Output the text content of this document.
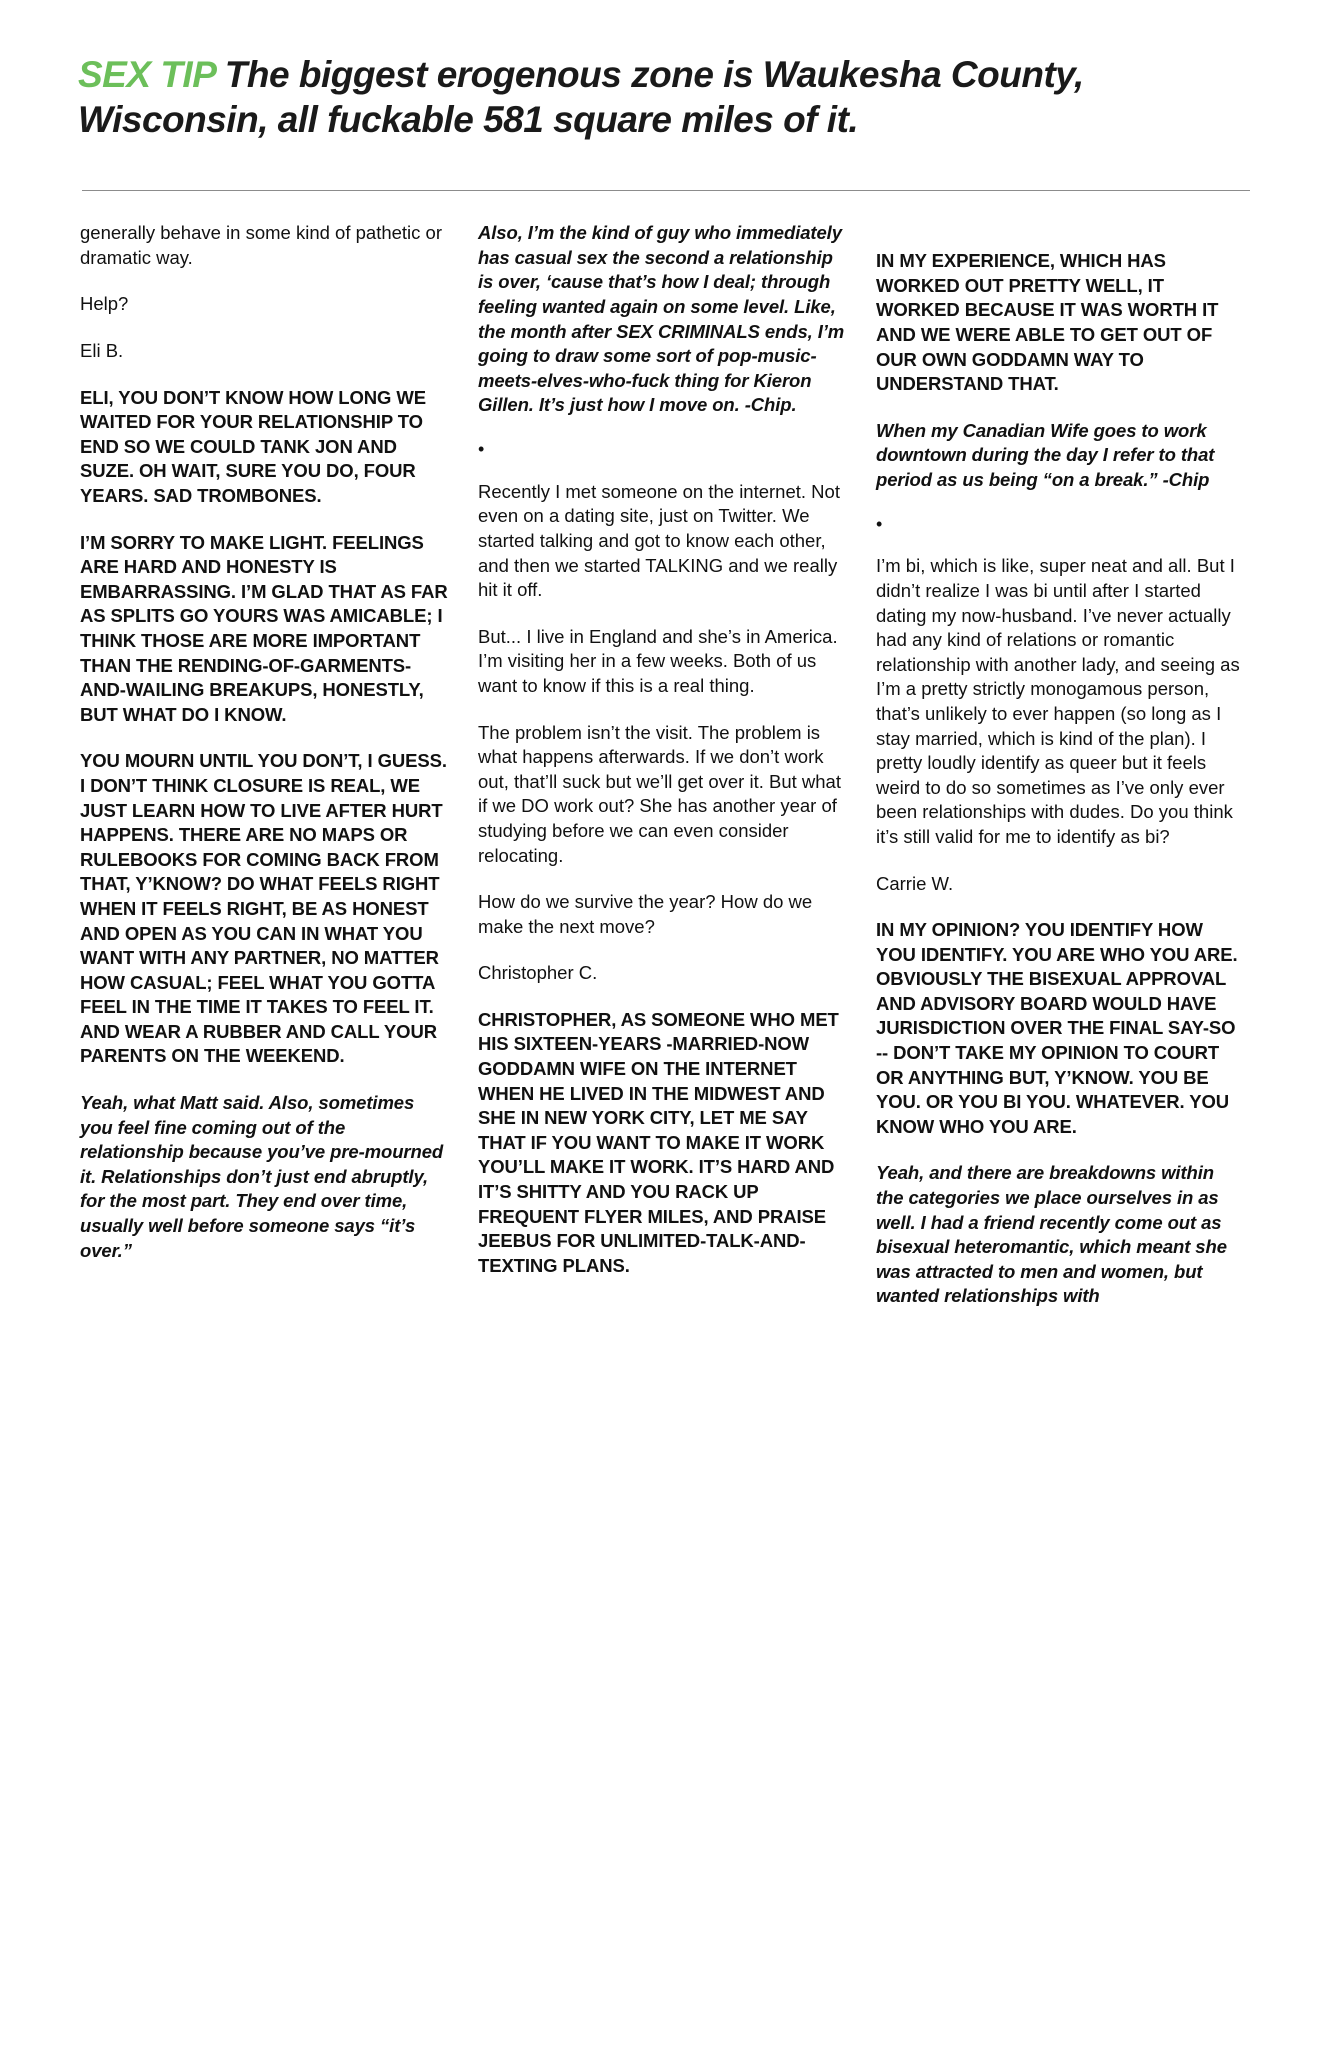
SEX TIP The biggest erogenous zone is Waukesha County, Wisconsin, all fuckable 581 square miles of it.

generally behave in some kind of pathetic or dramatic way.

Help?

Eli B.

ELI, YOU DON’T KNOW HOW LONG WE WAITED FOR YOUR RELATIONSHIP TO END SO WE COULD TANK JON AND SUZE. OH WAIT, SURE YOU DO, FOUR YEARS. SAD TROMBONES.

I’M SORRY TO MAKE LIGHT. FEELINGS ARE HARD AND HONESTY IS EMBARRASSING. I’M GLAD THAT AS FAR AS SPLITS GO YOURS WAS AMICABLE; I THINK THOSE ARE MORE IMPORTANT THAN THE RENDING-OF-GARMENTS-AND-WAILING BREAKUPS, HONESTLY, BUT WHAT DO I KNOW.

YOU MOURN UNTIL YOU DON’T, I GUESS. I DON’T THINK CLOSURE IS REAL, WE JUST LEARN HOW TO LIVE AFTER HURT HAPPENS. THERE ARE NO MAPS OR RULEBOOKS FOR COMING BACK FROM THAT, Y’KNOW? DO WHAT FEELS RIGHT WHEN IT FEELS RIGHT, BE AS HONEST AND OPEN AS YOU CAN IN WHAT YOU WANT WITH ANY PARTNER, NO MATTER HOW CASUAL; FEEL WHAT YOU GOTTA FEEL IN THE TIME IT TAKES TO FEEL IT. AND WEAR A RUBBER AND CALL YOUR PARENTS ON THE WEEKEND.

Yeah, what Matt said. Also, sometimes you feel fine coming out of the relationship because you’ve pre-mourned it. Relationships don’t just end abruptly, for the most part. They end over time, usually well before someone says “it’s over.”

Also, I’m the kind of guy who immediately has casual sex the second a relationship is over, ‘cause that’s how I deal; through feeling wanted again on some level. Like, the month after SEX CRIMINALS ends, I’m going to draw some sort of pop-music-meets-elves-who-fuck thing for Kieron Gillen. It’s just how I move on. -Chip.

•

Recently I met someone on the internet. Not even on a dating site, just on Twitter. We started talking and got to know each other, and then we started TALKING and we really hit it off.

But... I live in England and she’s in America. I’m visiting her in a few weeks. Both of us want to know if this is a real thing.

The problem isn’t the visit. The problem is what happens afterwards. If we don’t work out, that’ll suck but we’ll get over it. But what if we DO work out? She has another year of studying before we can even consider relocating.

How do we survive the year? How do we make the next move?

Christopher C.

CHRISTOPHER, AS SOMEONE WHO MET HIS SIXTEEN-YEARS -MARRIED-NOW GODDAMN WIFE ON THE INTERNET WHEN HE LIVED IN THE MIDWEST AND SHE IN NEW YORK CITY, LET ME SAY THAT IF YOU WANT TO MAKE IT WORK YOU’LL MAKE IT WORK. IT’S HARD AND IT’S SHITTY AND YOU RACK UP FREQUENT FLYER MILES, AND PRAISE JEEBUS FOR UNLIMITED-TALK-AND-TEXTING PLANS.

IN MY EXPERIENCE, WHICH HAS WORKED OUT PRETTY WELL, IT WORKED BECAUSE IT WAS WORTH IT AND WE WERE ABLE TO GET OUT OF OUR OWN GODDAMN WAY TO UNDERSTAND THAT.

When my Canadian Wife goes to work downtown during the day I refer to that period as us being “on a break.” -Chip

•

I’m bi, which is like, super neat and all. But I didn’t realize I was bi until after I started dating my now-husband. I’ve never actually had any kind of relations or romantic relationship with another lady, and seeing as I’m a pretty strictly monogamous person, that’s unlikely to ever happen (so long as I stay married, which is kind of the plan). I pretty loudly identify as queer but it feels weird to do so sometimes as I’ve only ever been relationships with dudes. Do you think it’s still valid for me to identify as bi?

Carrie W.

IN MY OPINION? YOU IDENTIFY HOW YOU IDENTIFY. YOU ARE WHO YOU ARE. OBVIOUSLY THE BISEXUAL APPROVAL AND ADVISORY BOARD WOULD HAVE JURISDICTION OVER THE FINAL SAY-SO -- DON’T TAKE MY OPINION TO COURT OR ANYTHING BUT, Y’KNOW. YOU BE YOU. OR YOU BI YOU. WHATEVER. YOU KNOW WHO YOU ARE.

Yeah, and there are breakdowns within the categories we place ourselves in as well. I had a friend recently come out as bisexual heteromantic, which meant she was attracted to men and women, but wanted relationships with
